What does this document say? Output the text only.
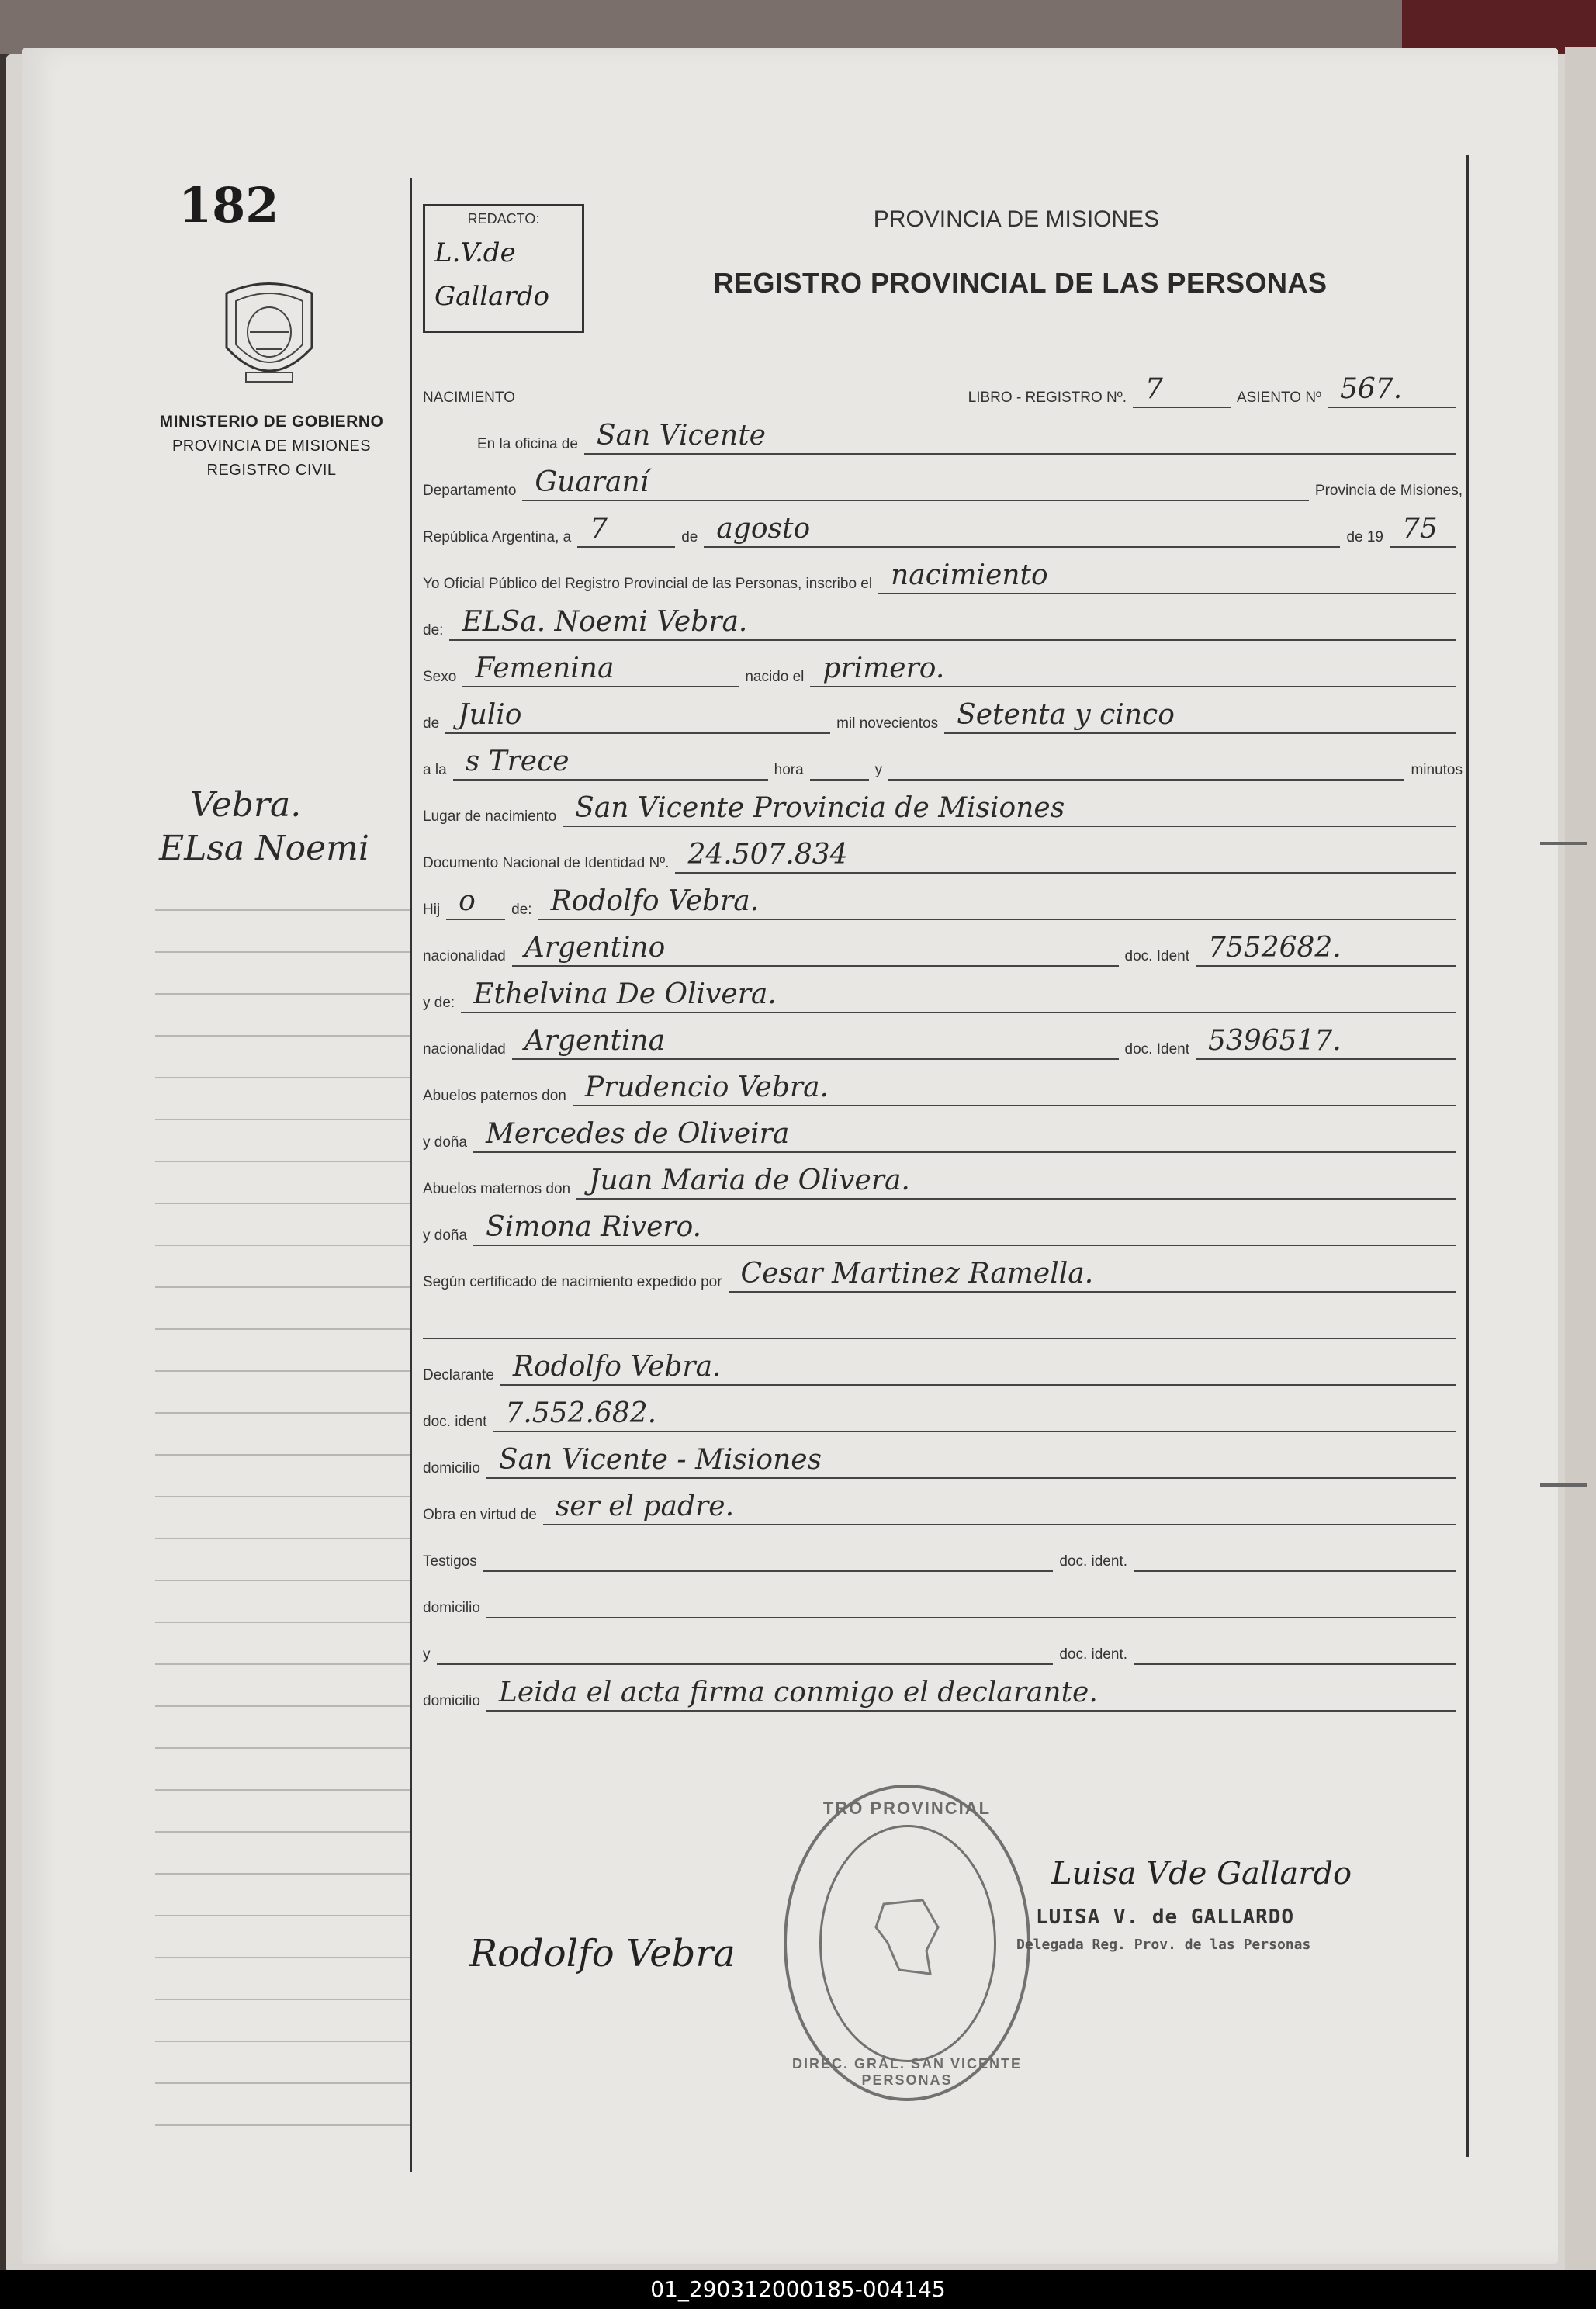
182
MINISTERIO DE GOBIERNO
PROVINCIA DE MISIONES
REGISTRO CIVIL
Vebra.
ELsa Noemi
REDACTO:
L.V.de
Gallardo
PROVINCIA DE MISIONES
REGISTRO PROVINCIAL DE LAS PERSONAS
NACIMIENTO	LIBRO - REGISTRO Nº. 7	ASIENTO Nº 567.
En la oficina de San Vicente
Departamento Guaraní	Provincia de Misiones,
República Argentina, a 7	de agosto	de 19 75
Yo Oficial Público del Registro Provincial de las Personas, inscribo el nacimiento
de: ELSa. Noemi Vebra.
Sexo Femenina	nacido el primero.
de Julio	mil novecientos Setenta y cinco
a la s Trece	hora	y	minutos
Lugar de nacimiento San Vicente Provincia de Misiones
Documento Nacional de Identidad Nº. 24.507.834
Hij o	de: Rodolfo Vebra.
nacionalidad Argentino	doc. Ident 7552682.
y de: Ethelvina De Olivera.
nacionalidad Argentina	doc. Ident 5396517.
Abuelos paternos don Prudencio Vebra.
y doña Mercedes de Oliveira
Abuelos maternos don Juan Maria de Olivera.
y doña Simona Rivero.
Según certificado de nacimiento expedido por Cesar Martinez Ramella.
Declarante Rodolfo Vebra.
doc. ident 7.552.682.
domicilio San Vicente - Misiones
Obra en virtud de ser el padre.
Testigos	doc. ident.
domicilio
y	doc. ident.
domicilio Leida el acta firma conmigo el declarante.
TRO PROVINCIAL
DIREC. GRAL. SAN VICENTE PERSONAS
Luisa Vde Gallardo
LUISA V. de GALLARDO
Delegada Reg. Prov. de las Personas
Rodolfo Vebra
01_290312000185-004145
